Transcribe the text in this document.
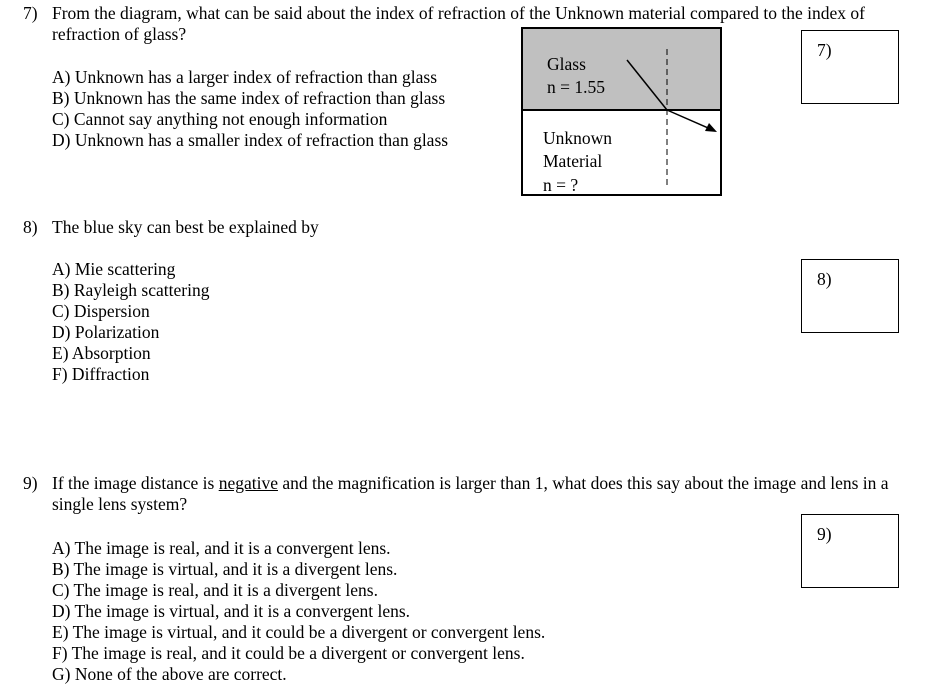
7) From the diagram, what can be said about the index of refraction of the Unknown material compared to the index of refraction of glass?
A) Unknown has a larger index of refraction than glass
B) Unknown has the same index of refraction than glass
C) Cannot say anything not enough information
D) Unknown has a smaller index of refraction than glass
Glass
n = 1.55
Unknown
Material
n = ?
7)
8) The blue sky can best be explained by
A) Mie scattering
B) Rayleigh scattering
C) Dispersion
D) Polarization
E) Absorption
F) Diffraction
8)
9) If the image distance is negative and the magnification is larger than 1, what does this say about the image and lens in a single lens system?
A) The image is real, and it is a convergent lens.
B) The image is virtual, and it is a divergent lens.
C) The image is real, and it is a divergent lens.
D) The image is virtual, and it is a convergent lens.
E) The image is virtual, and it could be a divergent or convergent lens.
F) The image is real, and it could be a divergent or convergent lens.
G) None of the above are correct.
9)
